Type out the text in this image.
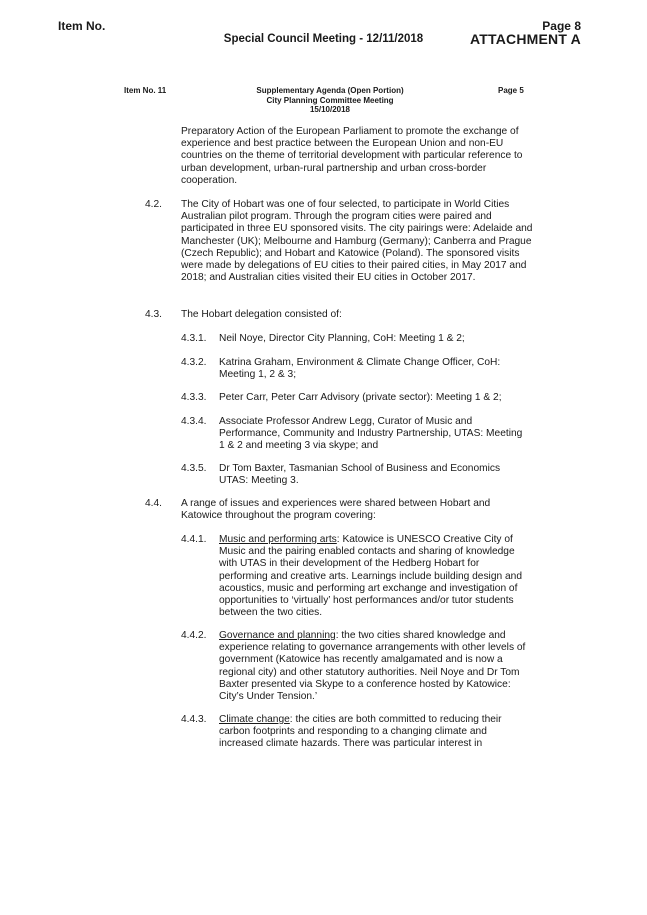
Item No.	Page 8
Special Council Meeting - 12/11/2018	ATTACHMENT A
Item No. 11	Supplementary Agenda (Open Portion)
City Planning Committee Meeting
15/10/2018
Page 5
Preparatory Action of the European Parliament to promote the exchange of experience and best practice between the European Union and non-EU countries on the theme of territorial development with particular reference to urban development, urban-rural partnership and urban cross-border cooperation.
4.2. The City of Hobart was one of four selected, to participate in World Cities Australian pilot program. Through the program cities were paired and participated in three EU sponsored visits. The city pairings were: Adelaide and Manchester (UK); Melbourne and Hamburg (Germany); Canberra and Prague (Czech Republic); and Hobart and Katowice (Poland). The sponsored visits were made by delegations of EU cities to their paired cities, in May 2017 and 2018; and Australian cities visited their EU cities in October 2017.
4.3. The Hobart delegation consisted of:
4.3.1. Neil Noye, Director City Planning, CoH: Meeting 1 & 2;
4.3.2. Katrina Graham, Environment & Climate Change Officer, CoH: Meeting 1, 2 & 3;
4.3.3. Peter Carr, Peter Carr Advisory (private sector): Meeting 1 & 2;
4.3.4. Associate Professor Andrew Legg, Curator of Music and Performance, Community and Industry Partnership, UTAS: Meeting 1 & 2 and meeting 3 via skype; and
4.3.5. Dr Tom Baxter, Tasmanian School of Business and Economics UTAS: Meeting 3.
4.4. A range of issues and experiences were shared between Hobart and Katowice throughout the program covering:
4.4.1. Music and performing arts: Katowice is UNESCO Creative City of Music and the pairing enabled contacts and sharing of knowledge with UTAS in their development of the Hedberg Hobart for performing and creative arts. Learnings include building design and acoustics, music and performing art exchange and investigation of opportunities to ‘virtually’ host performances and/or tutor students between the two cities.
4.4.2. Governance and planning: the two cities shared knowledge and experience relating to governance arrangements with other levels of government (Katowice has recently amalgamated and is now a regional city) and other statutory authorities. Neil Noye and Dr Tom Baxter presented via Skype to a conference hosted by Katowice: City’s Under Tension.’
4.4.3. Climate change: the cities are both committed to reducing their carbon footprints and responding to a changing climate and increased climate hazards. There was particular interest in
